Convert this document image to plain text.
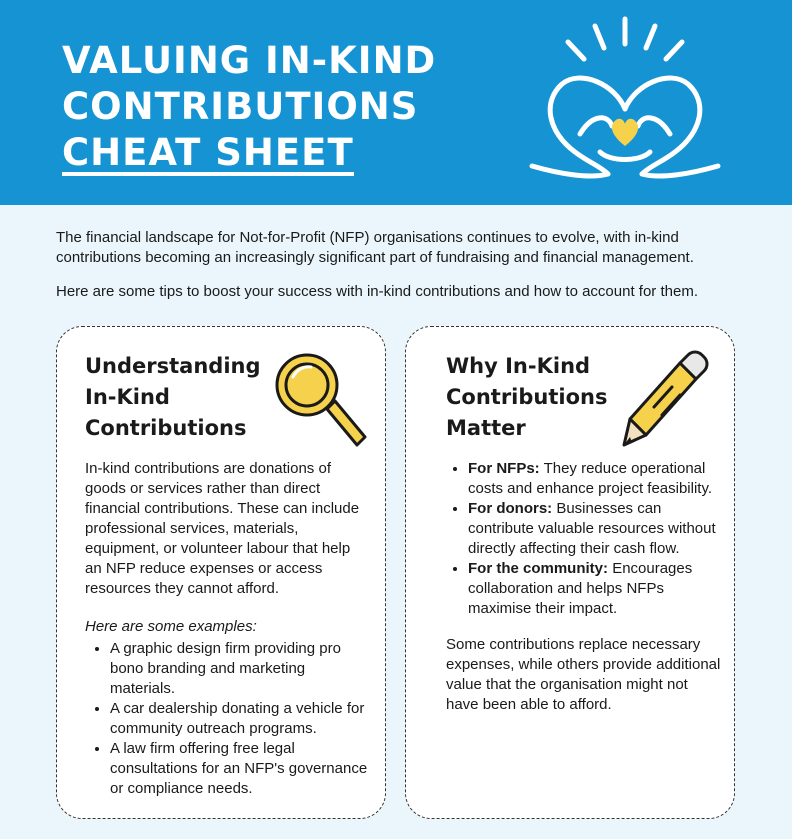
VALUING IN-KIND
CONTRIBUTIONS
CHEAT SHEET

The financial landscape for Not-for-Profit (NFP) organisations continues to evolve, with in-kind contributions becoming an increasingly significant part of fundraising and financial management.

Here are some tips to boost your success with in-kind contributions and how to account for them.

Understanding In-Kind Contributions

In-kind contributions are donations of goods or services rather than direct financial contributions. These can include professional services, materials, equipment, or volunteer labour that help an NFP reduce expenses or access resources they cannot afford.

Here are some examples:

• A graphic design firm providing pro bono branding and marketing materials.
• A car dealership donating a vehicle for community outreach programs.
• A law firm offering free legal consultations for an NFP's governance or compliance needs.
Why In-Kind Contributions Matter
• For NFPs: They reduce operational costs and enhance project feasibility.
• For donors: Businesses can contribute valuable resources without directly affecting their cash flow.
• For the community: Encourages collaboration and helps NFPs maximise their impact.

Some contributions replace necessary expenses, while others provide additional value that the organisation might not have been able to afford.
